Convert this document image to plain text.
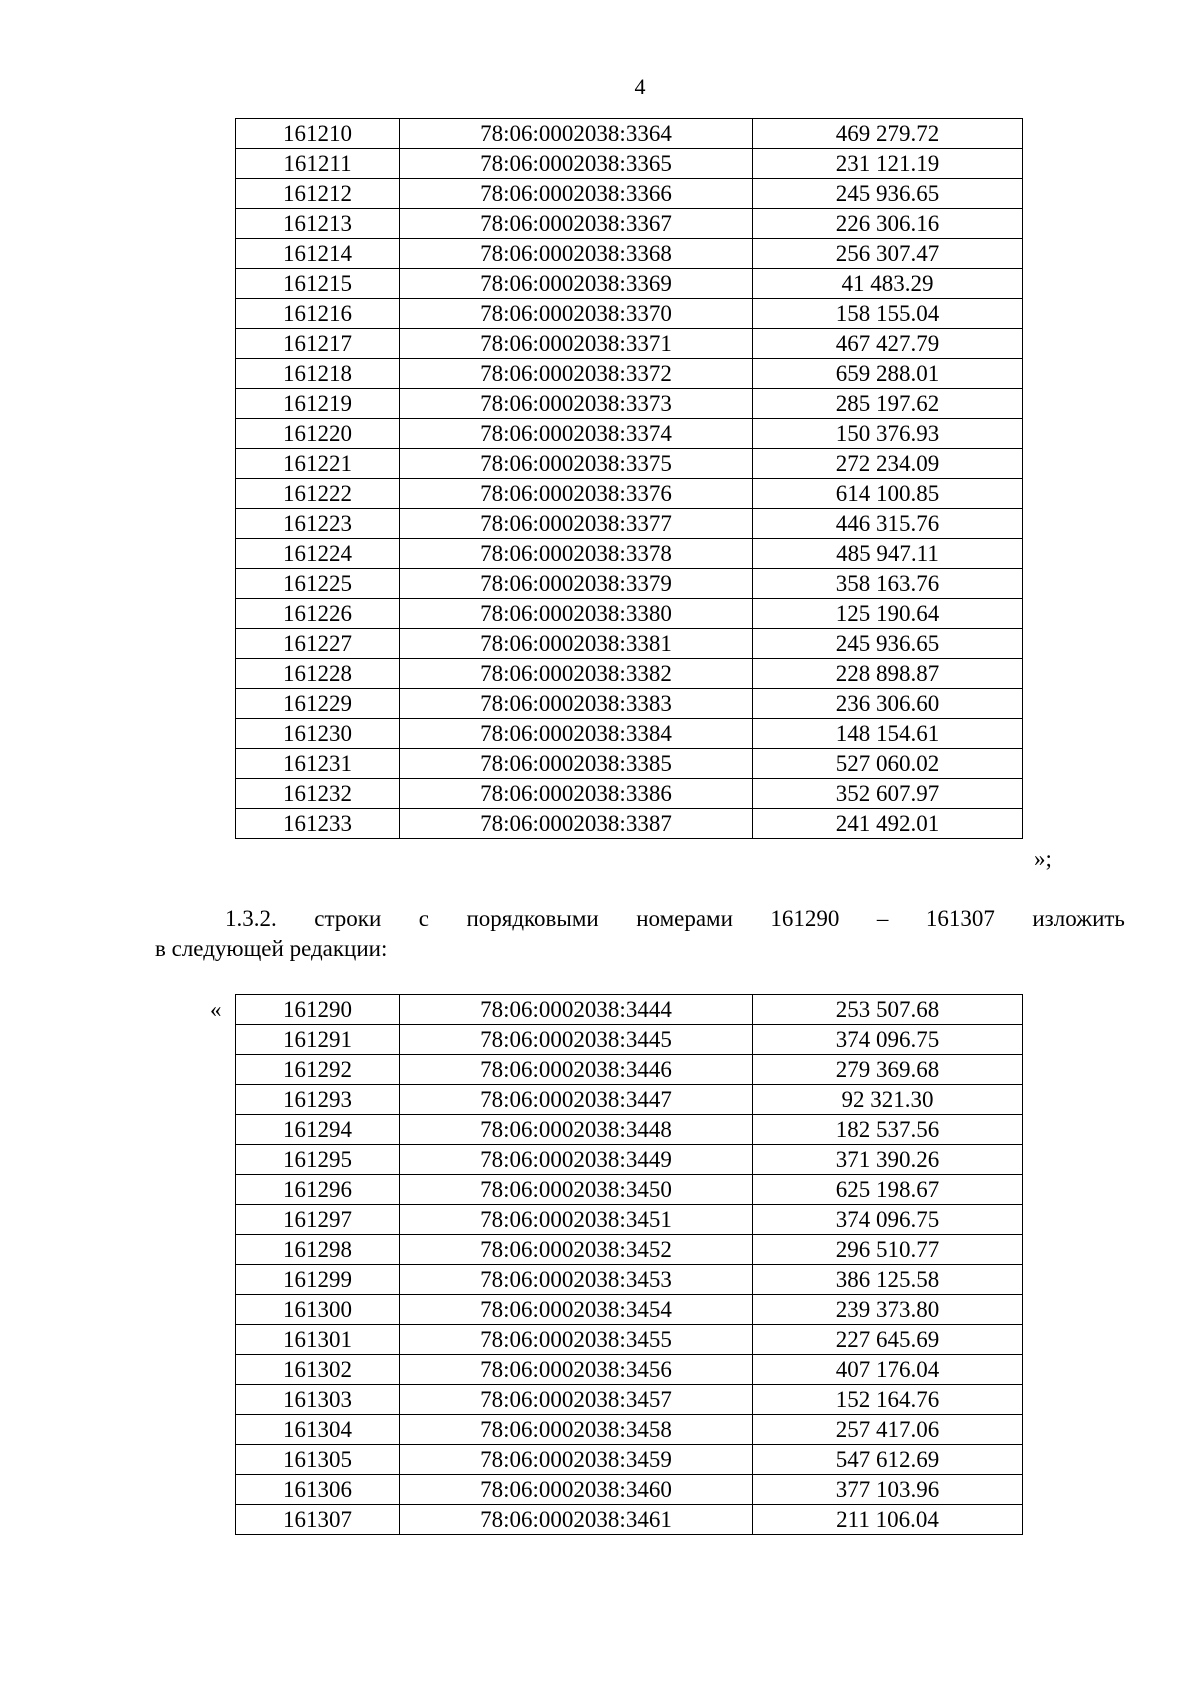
4
161210	78:06:0002038:3364	469 279.72
161211	78:06:0002038:3365	231 121.19
161212	78:06:0002038:3366	245 936.65
161213	78:06:0002038:3367	226 306.16
161214	78:06:0002038:3368	256 307.47
161215	78:06:0002038:3369	41 483.29
161216	78:06:0002038:3370	158 155.04
161217	78:06:0002038:3371	467 427.79
161218	78:06:0002038:3372	659 288.01
161219	78:06:0002038:3373	285 197.62
161220	78:06:0002038:3374	150 376.93
161221	78:06:0002038:3375	272 234.09
161222	78:06:0002038:3376	614 100.85
161223	78:06:0002038:3377	446 315.76
161224	78:06:0002038:3378	485 947.11
161225	78:06:0002038:3379	358 163.76
161226	78:06:0002038:3380	125 190.64
161227	78:06:0002038:3381	245 936.65
161228	78:06:0002038:3382	228 898.87
161229	78:06:0002038:3383	236 306.60
161230	78:06:0002038:3384	148 154.61
161231	78:06:0002038:3385	527 060.02
161232	78:06:0002038:3386	352 607.97
161233	78:06:0002038:3387	241 492.01
»;
1.3.2. строки с порядковыми номерами 161290 – 161307 изложить
в следующей редакции:
«	161290	78:06:0002038:3444	253 507.68
161291	78:06:0002038:3445	374 096.75
161292	78:06:0002038:3446	279 369.68
161293	78:06:0002038:3447	92 321.30
161294	78:06:0002038:3448	182 537.56
161295	78:06:0002038:3449	371 390.26
161296	78:06:0002038:3450	625 198.67
161297	78:06:0002038:3451	374 096.75
161298	78:06:0002038:3452	296 510.77
161299	78:06:0002038:3453	386 125.58
161300	78:06:0002038:3454	239 373.80
161301	78:06:0002038:3455	227 645.69
161302	78:06:0002038:3456	407 176.04
161303	78:06:0002038:3457	152 164.76
161304	78:06:0002038:3458	257 417.06
161305	78:06:0002038:3459	547 612.69
161306	78:06:0002038:3460	377 103.96
161307	78:06:0002038:3461	211 106.04
